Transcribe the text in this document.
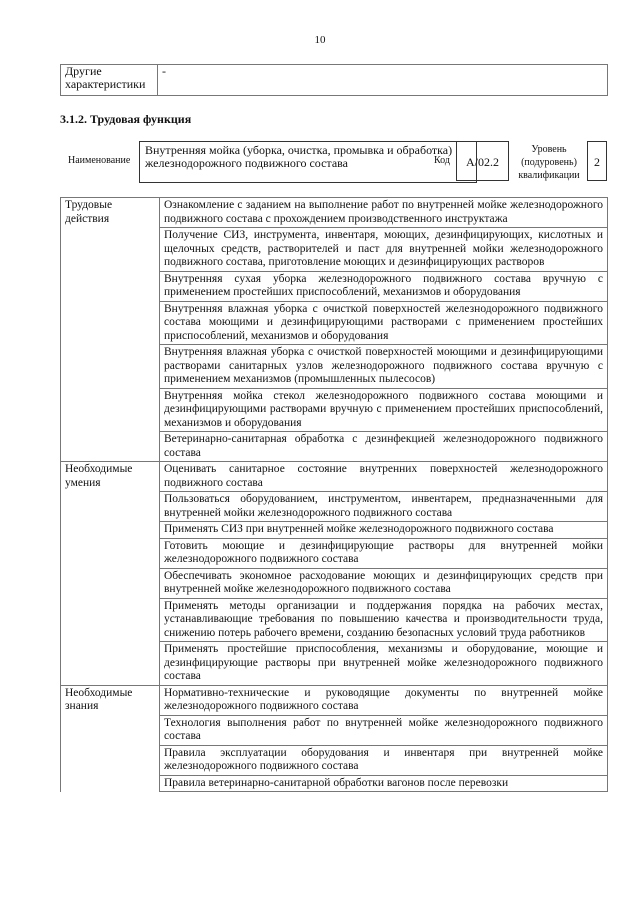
10
Другие характеристики	-
3.1.2. Трудовая функция
Наименование
Внутренняя мойка (уборка, очистка, промывка и обработка) железнодорожного подвижного состава	Код	A/02.2
Уровень (подуровень) квалификации
2
Трудовые действия	Ознакомление с заданием на выполнение работ по внутренней мойке железнодорожного подвижного состава с прохождением производственного инструктажа
	Получение СИЗ, инструмента, инвентаря, моющих, дезинфицирующих, кислотных и щелочных средств, растворителей и паст для внутренней мойки железнодорожного подвижного состава, приготовление моющих и дезинфицирующих растворов
	Внутренняя сухая уборка железнодорожного подвижного состава вручную с применением простейших приспособлений, механизмов и оборудования
	Внутренняя влажная уборка с очисткой поверхностей железнодорожного подвижного состава моющими и дезинфицирующими растворами с применением простейших приспособлений, механизмов и оборудования
	Внутренняя влажная уборка с очисткой поверхностей моющими и дезинфицирующими растворами санитарных узлов железнодорожного подвижного состава вручную с применением механизмов (промышленных пылесосов)
	Внутренняя мойка стекол железнодорожного подвижного состава моющими и дезинфицирующими растворами вручную с применением простейших приспособлений, механизмов и оборудования
	Ветеринарно-санитарная обработка с дезинфекцией железнодорожного подвижного состава
Необходимые умения	Оценивать санитарное состояние внутренних поверхностей железнодорожного подвижного состава
	Пользоваться оборудованием, инструментом, инвентарем, предназначенными для внутренней мойки железнодорожного подвижного состава
	Применять СИЗ при внутренней мойке железнодорожного подвижного состава
	Готовить моющие и дезинфицирующие растворы для внутренней мойки железнодорожного подвижного состава
	Обеспечивать экономное расходование моющих и дезинфицирующих средств при внутренней мойке железнодорожного подвижного состава
	Применять методы организации и поддержания порядка на рабочих местах, устанавливающие требования по повышению качества и производительности труда, снижению потерь рабочего времени, созданию безопасных условий труда работников
	Применять простейшие приспособления, механизмы и оборудование, моющие и дезинфицирующие растворы при внутренней мойке железнодорожного подвижного состава
Необходимые знания	Нормативно-технические и руководящие документы по внутренней мойке железнодорожного подвижного состава
	Технология выполнения работ по внутренней мойке железнодорожного подвижного состава
	Правила эксплуатации оборудования и инвентаря при внутренней мойке железнодорожного подвижного состава
	Правила ветеринарно-санитарной обработки вагонов после перевозки
